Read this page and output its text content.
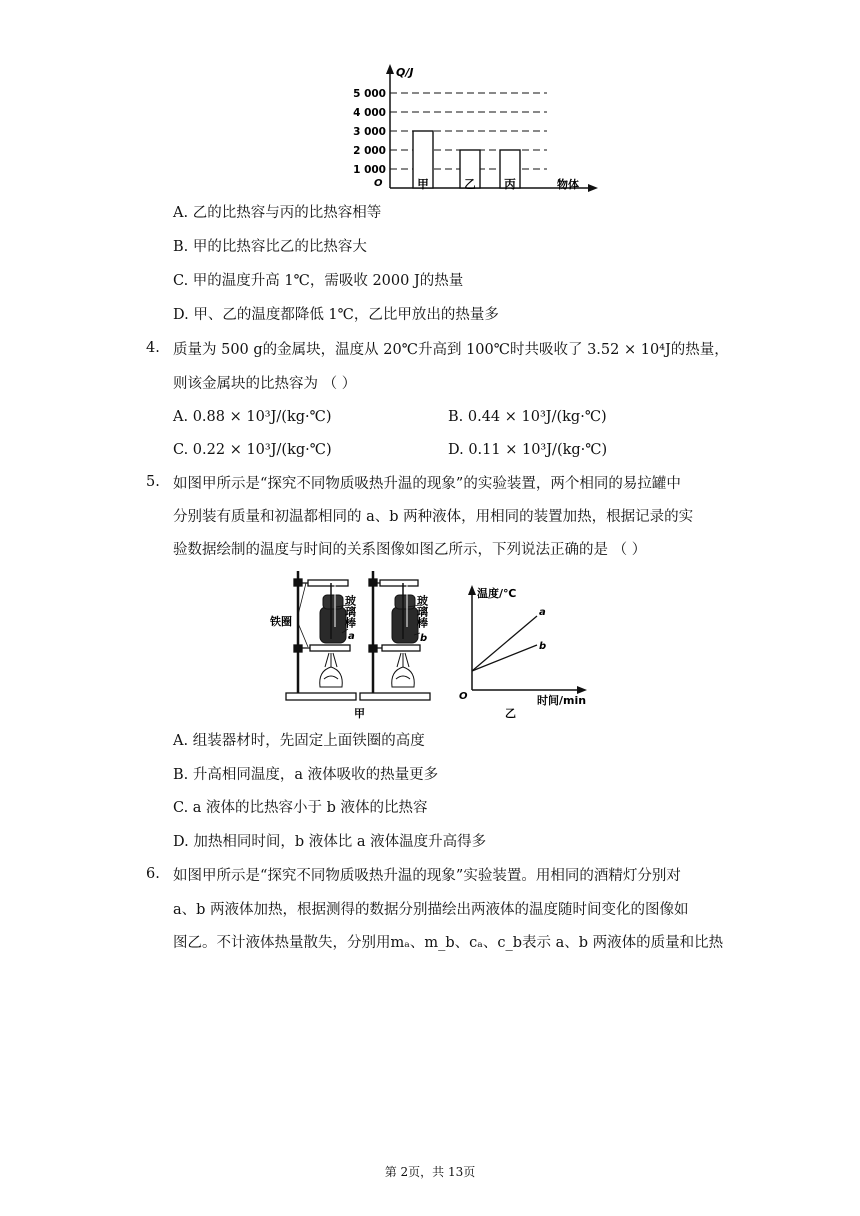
1 000
2 000
3 000
4 000
5 000
甲	乙 丙
Q/J
O	物体
A. 乙的比热容与丙的比热容相等
B. 甲的比热容比乙的比热容大
C. 甲的温度升高 1℃，需吸收 2000 J的热量
D. 甲、乙的温度都降低 1℃，乙比甲放出的热量多
4. 质量为 500 g的金属块，温度从 20℃升高到 100℃时共吸收了 3.52 × 10⁴J的热量，
则该金属块的比热容为 （ ）
A. 0.88 × 10³J/(kg·℃)	B. 0.44 × 10³J/(kg·℃)
C. 0.22 × 10³J/(kg·℃)	D. 0.11 × 10³J/(kg·℃)
5. 如图甲所示是“探究不同物质吸热升温的现象”的实验装置，两个相同的易拉罐中
分别装有质量和初温都相同的 a、b 两种液体，用相同的装置加热，根据记录的实
验数据绘制的温度与时间的关系图像如图乙所示，下列说法正确的是 （ ）
铁圈	玻璃棒	玻璃棒
a	b
甲
温度/℃
O	时间/min
a
b
乙
A. 组装器材时，先固定上面铁圈的高度
B. 升高相同温度，a 液体吸收的热量更多
C. a 液体的比热容小于 b 液体的比热容
D. 加热相同时间，b 液体比 a 液体温度升高得多
6. 如图甲所示是“探究不同物质吸热升温的现象”实验装置。用相同的酒精灯分别对
a、b 两液体加热，根据测得的数据分别描绘出两液体的温度随时间变化的图像如
图乙。不计液体热量散失，分别用mₐ、m_b、cₐ、c_b表示 a、b 两液体的质量和比热
第 2页，共 13页
